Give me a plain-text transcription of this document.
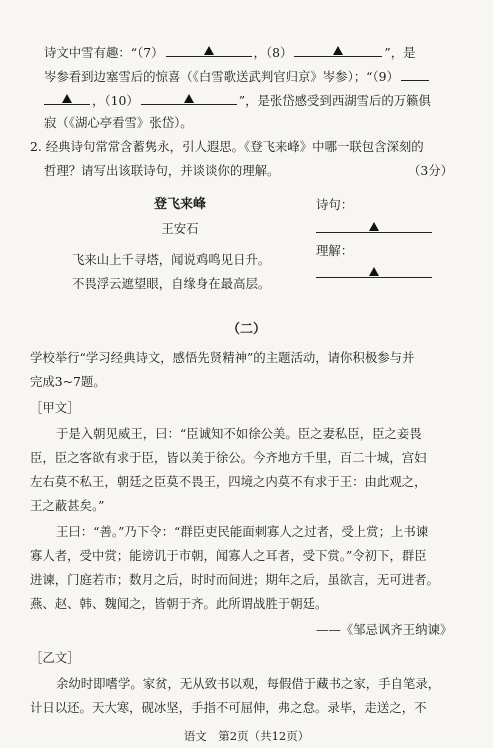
诗文中雪有趣：“（7）	，（8）	”，是
岑参看到边塞雪后的惊喜（《白雪歌送武判官归京》岑参）；“（9）
，（10）	”，是张岱感受到西湖雪后的万籁俱
寂（《湖心亭看雪》张岱）。
2. 经典诗句常常含蓄隽永，引人遐思。《登飞来峰》中哪一联包含深刻的
哲理？请写出该联诗句，并谈谈你的理解。	（3分）
登飞来峰
王安石
飞来山上千寻塔，闻说鸡鸣见日升。
不畏浮云遮望眼，自缘身在最高层。
诗句：
理解：
（二）
学校举行“学习经典诗文，感悟先贤精神”的主题活动，请你积极参与并
完成3~7题。
［甲文］
于是入朝见威王，曰：“臣诚知不如徐公美。臣之妻私臣，臣之妾畏
臣，臣之客欲有求于臣，皆以美于徐公。今齐地方千里，百二十城，宫妇
左右莫不私王，朝廷之臣莫不畏王，四境之内莫不有求于王：由此观之，
王之蔽甚矣。”
王曰：“善。”乃下令：“群臣吏民能面刺寡人之过者，受上赏；上书谏
寡人者，受中赏；能谤讥于市朝，闻寡人之耳者，受下赏。”令初下，群臣
进谏，门庭若市；数月之后，时时而间进；期年之后，虽欲言，无可进者。
燕、赵、韩、魏闻之，皆朝于齐。此所谓战胜于朝廷。
——《邹忌讽齐王纳谏》
［乙文］
余幼时即嗜学。家贫，无从致书以观，每假借于藏书之家，手自笔录，
计日以还。天大寒，砚冰坚，手指不可屈伸，弗之怠。录毕，走送之，不
语文　第2页（共12页）
